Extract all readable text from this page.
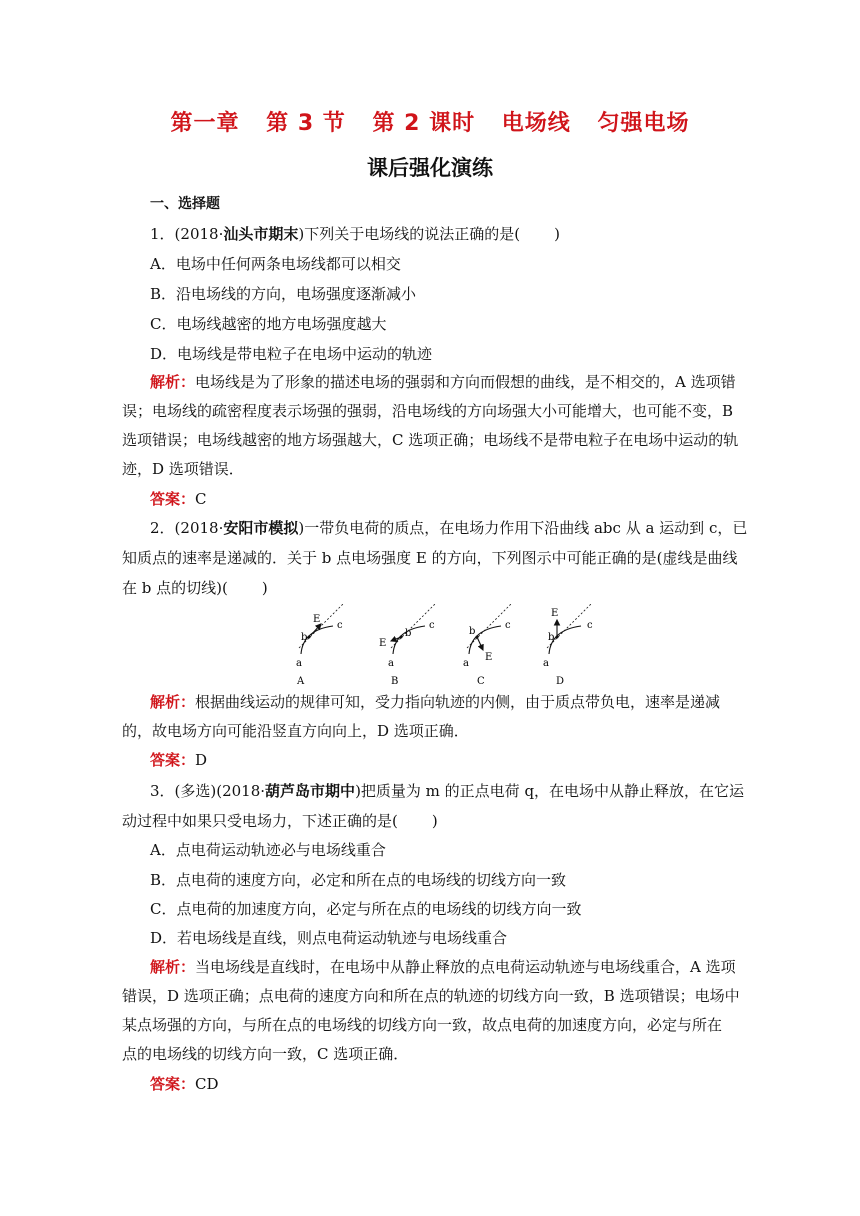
第一章 第 3 节 第 2 课时 电场线 匀强电场
课后强化演练
一、选择题
1．(2018·汕头市期末)下列关于电场线的说法正确的是( )
A．电场中任何两条电场线都可以相交
B．沿电场线的方向，电场强度逐渐减小
C．电场线越密的地方电场强度越大
D．电场线是带电粒子在电场中运动的轨迹
解析：电场线是为了形象的描述电场的强弱和方向而假想的曲线，是不相交的，A 选项错
误；电场线的疏密程度表示场强的强弱，沿电场线的方向场强大小可能增大，也可能不变，B
选项错误；电场线越密的地方场强越大，C 选项正确；电场线不是带电粒子在电场中运动的轨
迹，D 选项错误．
答案：C
2．(2018·安阳市模拟)一带负电荷的质点，在电场力作用下沿曲线 abc 从 a 运动到 c，已
知质点的速率是递减的．关于 b 点电场强度 E 的方向，下列图示中可能正确的是(虚线是曲线
在 b 点的切线)( )
E
b
c
a
A
E
b
c
a
B
E
b
c
a
C
E
b
c
a
D
解析：根据曲线运动的规律可知，受力指向轨迹的内侧，由于质点带负电，速率是递减
的，故电场方向可能沿竖直方向向上，D 选项正确．
答案：D
3．(多选)(2018·葫芦岛市期中)把质量为 m 的正点电荷 q，在电场中从静止释放，在它运
动过程中如果只受电场力，下述正确的是( )
A．点电荷运动轨迹必与电场线重合
B．点电荷的速度方向，必定和所在点的电场线的切线方向一致
C．点电荷的加速度方向，必定与所在点的电场线的切线方向一致
D．若电场线是直线，则点电荷运动轨迹与电场线重合
解析：当电场线是直线时，在电场中从静止释放的点电荷运动轨迹与电场线重合，A 选项
错误，D 选项正确；点电荷的速度方向和所在点的轨迹的切线方向一致，B 选项错误；电场中
某点场强的方向，与所在点的电场线的切线方向一致，故点电荷的加速度方向，必定与所在
点的电场线的切线方向一致，C 选项正确．
答案：CD
